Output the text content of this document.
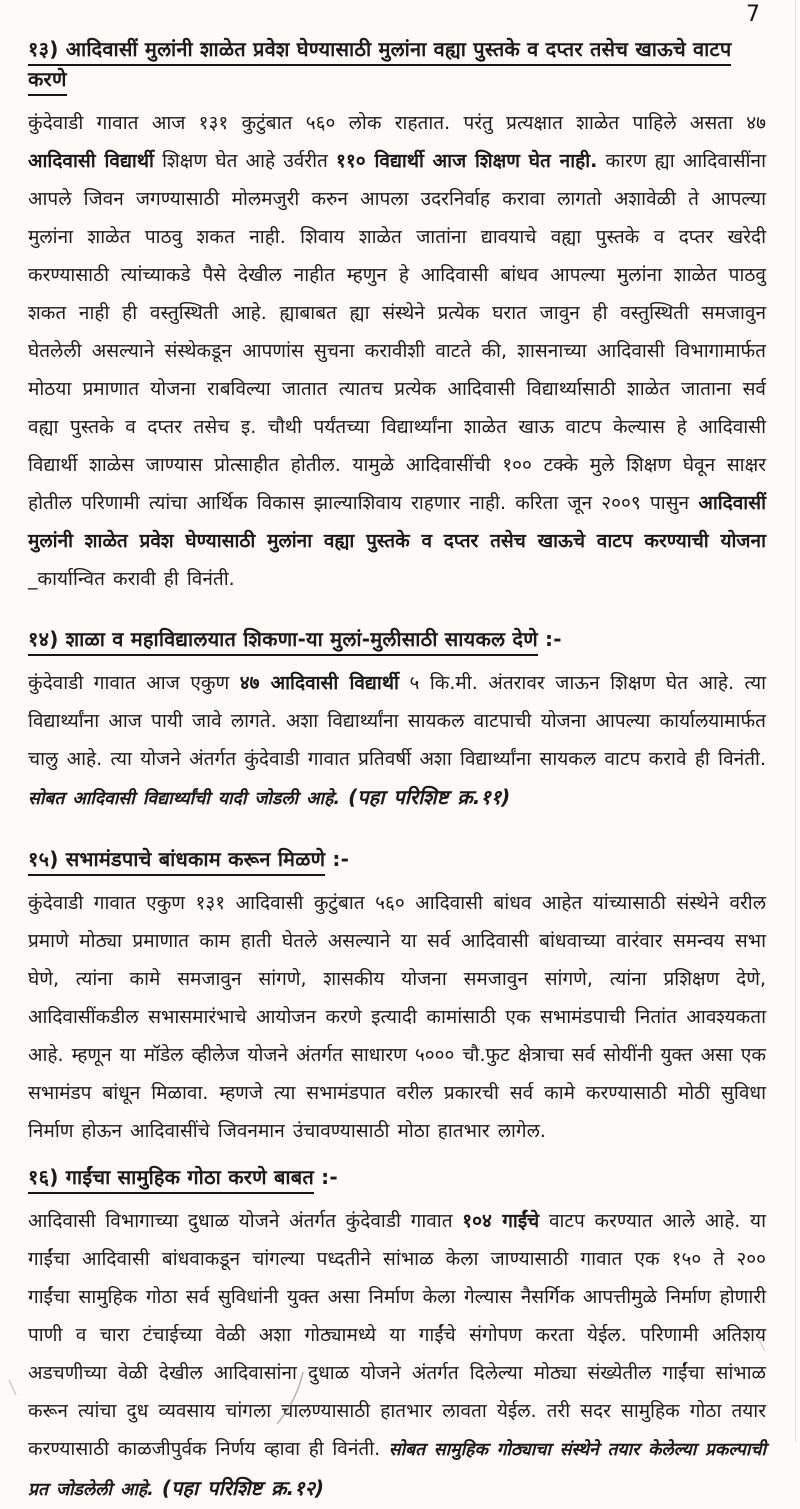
7
१३) आदिवासीं मुलांनी शाळेत प्रवेश घेण्यासाठी मुलांना वह्या पुस्तके व दप्तर तसेच खाऊचे वाटप करणे

कुंदेवाडी गावात आज १३१ कुटुंबात ५६० लोक राहतात. परंतु प्रत्यक्षात शाळेत पाहिले असता ४७ आदिवासी विद्यार्थी शिक्षण घेत आहे उर्वरीत ११० विद्यार्थी आज शिक्षण घेत नाही. कारण ह्या आदिवासींना आपले जिवन जगण्यासाठी मोलमजुरी करुन आपला उदरनिर्वाह करावा लागतो अशावेळी ते आपल्या मुलांना शाळेत पाठवु शकत नाही. शिवाय शाळेत जातांना द्यावयाचे वह्या पुस्तके व दप्तर खरेदी करण्यासाठी त्यांच्याकडे पैसे देखील नाहीत म्हणुन हे आदिवासी बांधव आपल्या मुलांना शाळेत पाठवु शकत नाही ही वस्तुस्थिती आहे. ह्याबाबत ह्या संस्थेने प्रत्येक घरात जावुन ही वस्तुस्थिती समजावुन घेतलेली असल्याने संस्थेकडून आपणांस सुचना करावीशी वाटते की, शासनाच्या आदिवासी विभागामार्फत मोठया प्रमाणात योजना राबविल्या जातात त्यातच प्रत्येक आदिवासी विद्यार्थ्यासाठी शाळेत जाताना सर्व वह्या पुस्तके व दप्तर तसेच इ. चौथी पर्यंतच्या विद्यार्थ्यांना शाळेत खाऊ वाटप केल्यास हे आदिवासी विद्यार्थी शाळेस जाण्यास प्रोत्साहीत होतील. यामुळे आदिवासींची १०० टक्के मुले शिक्षण घेवून साक्षर होतील परिणामी त्यांचा आर्थिक विकास झाल्याशिवाय राहणार नाही. करिता जून २००९ पासुन आदिवासीं मुलांनी शाळेत प्रवेश घेण्यासाठी मुलांना वह्या पुस्तके व दप्तर तसेच खाऊचे वाटप करण्याची योजना _कार्यान्वित करावी ही विनंती.

१४) शाळा व महाविद्यालयात शिकणा-या मुलां-मुलीसाठी सायकल देणे :-

कुंदेवाडी गावात आज एकुण ४७ आदिवासी विद्यार्थी ५ कि.मी. अंतरावर जाऊन शिक्षण घेत आहे. त्या विद्यार्थ्यांना आज पायी जावे लागते. अशा विद्यार्थ्यांना सायकल वाटपाची योजना आपल्या कार्यालयामार्फत चालु आहे. त्या योजने अंतर्गत कुंदेवाडी गावात प्रतिवर्षी अशा विद्यार्थ्यांना सायकल वाटप करावे ही विनंती. सोबत आदिवासी विद्यार्थ्यांची यादी जोडली आहे. (पहा परिशिष्ट क्र.११)

१५) सभामंडपाचे बांधकाम करून मिळणे :-

कुंदेवाडी गावात एकुण १३१ आदिवासी कुटुंबात ५६० आदिवासी बांधव आहेत यांच्यासाठी संस्थेने वरील प्रमाणे मोठ्या प्रमाणात काम हाती घेतले असल्याने या सर्व आदिवासी बांधवाच्या वारंवार समन्वय सभा घेणे, त्यांना कामे समजावुन सांगणे, शासकीय योजना समजावुन सांगणे, त्यांना प्रशिक्षण देणे, आदिवासींकडील सभासमारंभाचे आयोजन करणे इत्यादी कामांसाठी एक सभामंडपाची नितांत आवश्यकता आहे. म्हणून या मॉडेल व्हीलेज योजने अंतर्गत साधारण ५००० चौ.फुट क्षेत्राचा सर्व सोयींनी युक्त असा एक सभामंडप बांधून मिळावा. म्हणजे त्या सभामंडपात वरील प्रकारची सर्व कामे करण्यासाठी मोठी सुविधा निर्माण होऊन आदिवासींचे जिवनमान उंचावण्यासाठी मोठा हातभार लागेल.

१६) गाईंचा सामुहिक गोठा करणे बाबत :-

आदिवासी विभागाच्या दुधाळ योजने अंतर्गत कुंदेवाडी गावात १०४ गाईंचे वाटप करण्यात आले आहे. या गाईंचा आदिवासी बांधवाकडून चांगल्या पध्दतीने सांभाळ केला जाण्यासाठी गावात एक १५० ते २०० गाईंचा सामुहिक गोठा सर्व सुविधांनी युक्त असा निर्माण केला गेल्यास नैसर्गिक आपत्तीमुळे निर्माण होणारी पाणी व चारा टंचाईच्या वेळी अशा गोठ्यामध्ये या गाईंचे संगोपण करता येईल. परिणामी अतिशय अडचणीच्या वेळी देखील आदिवासांना दुधाळ योजने अंतर्गत दिलेल्या मोठ्या संख्येतील गाईंचा सांभाळ करून त्यांचा दुध व्यवसाय चांगला चालण्यासाठी हातभार लावता येईल. तरी सदर सामुहिक गोठा तयार करण्यासाठी काळजीपुर्वक निर्णय व्हावा ही विनंती. सोबत सामुहिक गोठ्याचा संस्थेने तयार केलेल्या प्रकल्पाची प्रत जोडलेली आहे. (पहा परिशिष्ट क्र.१२)
